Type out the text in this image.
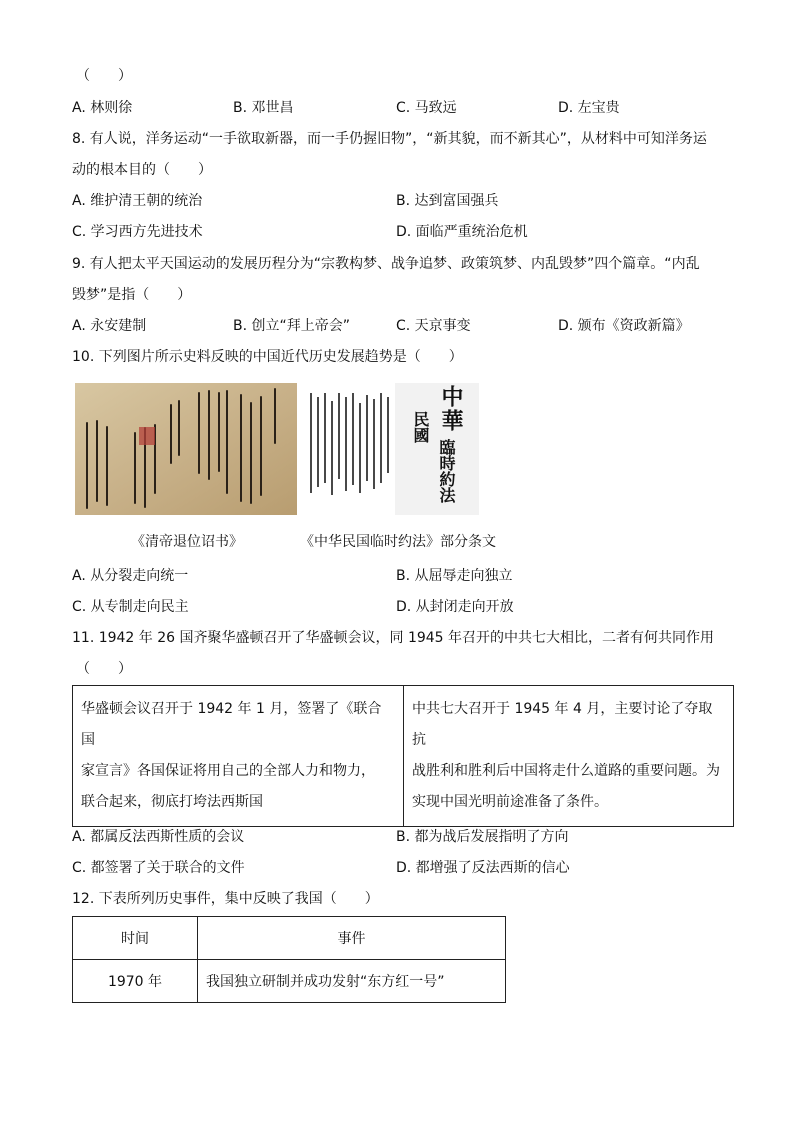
（　　）
A. 林则徐	B. 邓世昌	C. 马致远	D. 左宝贵
8. 有人说，洋务运动“一手欲取新器，而一手仍握旧物”，“新其貌，而不新其心”，从材料中可知洋务运
动的根本目的（　　）
A. 维护清王朝的统治	B. 达到富国强兵
C. 学习西方先进技术	D. 面临严重统治危机
9. 有人把太平天国运动的发展历程分为“宗教构梦、战争追梦、政策筑梦、内乱毁梦”四个篇章。“内乱
毁梦”是指（　　）
A. 永安建制	B. 创立“拜上帝会”	C. 天京事变	D. 颁布《资政新篇》
10. 下列图片所示史料反映的中国近代历史发展趋势是（　　）
中華
民國
臨時約法
《清帝退位诏书》	《中华民国临时约法》部分条文
A. 从分裂走向统一	B. 从屈辱走向独立
C. 从专制走向民主	D. 从封闭走向开放
11. 1942 年 26 国齐聚华盛顿召开了华盛顿会议，同 1945 年召开的中共七大相比，二者有何共同作用
（　　）
华盛顿会议召开于 1942 年 1 月，签署了《联合国
家宣言》各国保证将用自己的全部人力和物力，
联合起来，彻底打垮法西斯国

中共七大召开于 1945 年 4 月，主要讨论了夺取抗
战胜利和胜利后中国将走什么道路的重要问题。为
实现中国光明前途准备了条件。
A. 都属反法西斯性质的会议	B. 都为战后发展指明了方向
C. 都签署了关于联合的文件	D. 都增强了反法西斯的信心
12. 下表所列历史事件，集中反映了我国（　　）
时间	事件
1970 年	我国独立研制并成功发射“东方红一号”
